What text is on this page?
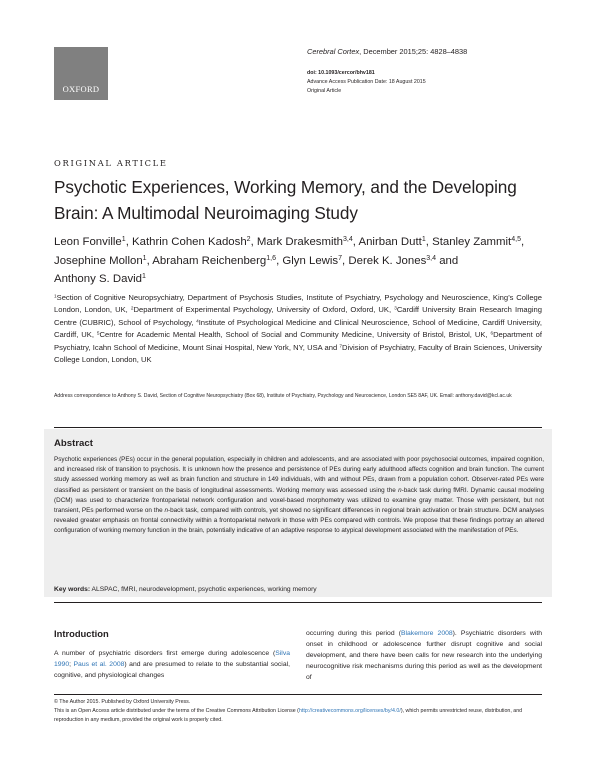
OXFORD
Cerebral Cortex, December 2015;25: 4828–4838
doi: 10.1093/cercor/bhv181
Advance Access Publication Date: 18 August 2015
Original Article
ORIGINAL ARTICLE
Psychotic Experiences, Working Memory, and the Developing Brain: A Multimodal Neuroimaging Study
Leon Fonville$^1$, Kathrin Cohen Kadosh$^2$, Mark Drakesmith$^{3,4}$, Anirban Dutt$^1$, Stanley Zammit$^{4,5}$, Josephine Mollon$^1$, Abraham Reichenberg$^{1,6}$, Glyn Lewis$^7$, Derek K. Jones$^{3,4}$ and Anthony S. David$^1$
$^1$Section of Cognitive Neuropsychiatry, Department of Psychosis Studies, Institute of Psychiatry, Psychology and Neuroscience, King’s College London, London, UK, $^2$Department of Experimental Psychology, University of Oxford, Oxford, UK, $^3$Cardiff University Brain Research Imaging Centre (CUBRIC), School of Psychology, $^4$Institute of Psychological Medicine and Clinical Neuroscience, School of Medicine, Cardiff University, Cardiff, UK, $^5$Centre for Academic Mental Health, School of Social and Community Medicine, University of Bristol, Bristol, UK, $^6$Department of Psychiatry, Icahn School of Medicine, Mount Sinai Hospital, New York, NY, USA and $^7$Division of Psychiatry, Faculty of Brain Sciences, University College London, London, UK
Address correspondence to Anthony S. David, Section of Cognitive Neuropsychiatry (Box 68), Institute of Psychiatry, Psychology and Neuroscience, London SE5 8AF, UK. Email: anthony.david@kcl.ac.uk
Abstract

Psychotic experiences (PEs) occur in the general population, especially in children and adolescents, and are associated with poor psychosocial outcomes, impaired cognition, and increased risk of transition to psychosis. It is unknown how the presence and persistence of PEs during early adulthood affects cognition and brain function. The current study assessed working memory as well as brain function and structure in 149 individuals, with and without PEs, drawn from a population cohort. Observer-rated PEs were classified as persistent or transient on the basis of longitudinal assessments. Working memory was assessed using the n-back task during fMRI. Dynamic causal modeling (DCM) was used to characterize frontoparietal network configuration and voxel-based morphometry was utilized to examine gray matter. Those with persistent, but not transient, PEs performed worse on the n-back task, compared with controls, yet showed no significant differences in regional brain activation or brain structure. DCM analyses revealed greater emphasis on frontal connectivity within a frontoparietal network in those with PEs compared with controls. We propose that these findings portray an altered configuration of working memory function in the brain, potentially indicative of an adaptive response to atypical development associated with the manifestation of PEs.

Key words: ALSPAC, fMRI, neurodevelopment, psychotic experiences, working memory
Introduction

A number of psychiatric disorders first emerge during adolescence (Silva 1990; Paus et al. 2008) and are presumed to relate to the substantial social, cognitive, and physiological changes

occurring during this period (Blakemore 2008). Psychiatric disorders with onset in childhood or adolescence further disrupt cognitive and social development, and there have been calls for new research into the underlying neurocognitive risk mechanisms during this period as well as the development of

© The Author 2015. Published by Oxford University Press.
This is an Open Access article distributed under the terms of the Creative Commons Attribution License (http://creativecommons.org/licenses/by/4.0/), which permits unrestricted reuse, distribution, and reproduction in any medium, provided the original work is properly cited.
